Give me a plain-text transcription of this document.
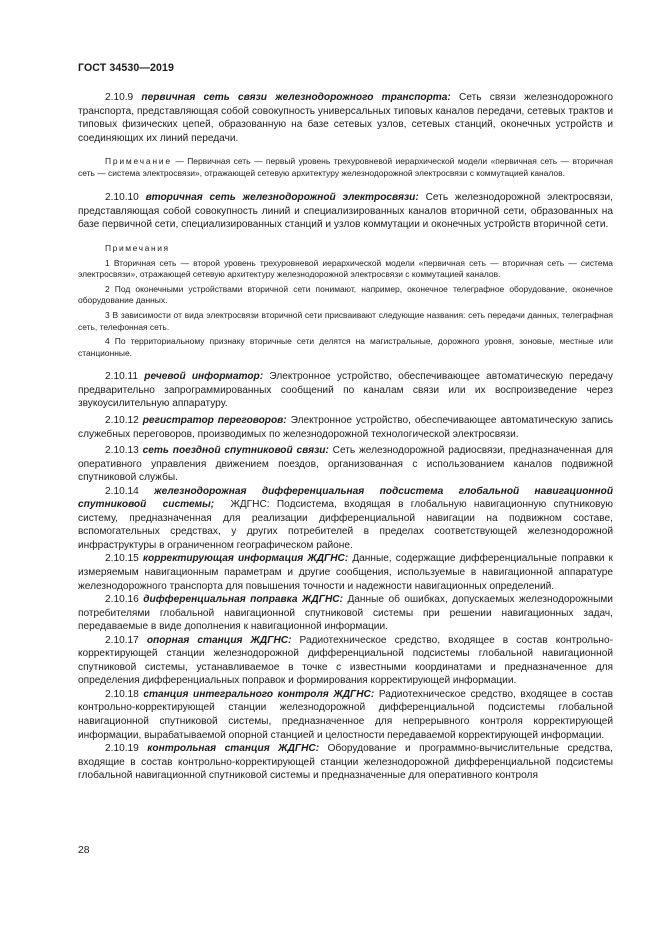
ГОСТ 34530—2019

2.10.9 первичная сеть связи железнодорожного транспорта: Сеть связи железнодорожного транспорта, представляющая собой совокупность универсальных типовых каналов передачи, сетевых трактов и типовых физических цепей, образованную на базе сетевых узлов, сетевых станций, оконечных устройств и соединяющих их линий передачи.

Примечание — Первичная сеть — первый уровень трехуровневой иерархической модели «первичная сеть — вторичная сеть — система электросвязи», отражающей сетевую архитектуру железнодорожной электросвязи с коммутацией каналов.

2.10.10 вторичная сеть железнодорожной электросвязи: Сеть железнодорожной электросвязи, представляющая собой совокупность линий и специализированных каналов вторичной сети, образованных на базе первичной сети, специализированных станций и узлов коммутации и оконечных устройств вторичной сети.

Примечания

1 Вторичная сеть — второй уровень трехуровневой иерархической модели «первичная сеть — вторичная сеть — система электросвязи», отражающей сетевую архитектуру железнодорожной электросвязи с коммутацией каналов.

2 Под оконечными устройствами вторичной сети понимают, например, оконечное телеграфное оборудование, оконечное оборудование данных.

3 В зависимости от вида электросвязи вторичной сети присваивают следующие названия: сеть передачи данных, телеграфная сеть, телефонная сеть.

4 По территориальному признаку вторичные сети делятся на магистральные, дорожного уровня, зоновые, местные или станционные.

2.10.11 речевой информатор: Электронное устройство, обеспечивающее автоматическую передачу предварительно запрограммированных сообщений по каналам связи или их воспроизведение через звукоусилительную аппаратуру.

2.10.12 регистратор переговоров: Электронное устройство, обеспечивающее автоматическую запись служебных переговоров, производимых по железнодорожной технологической электросвязи.

2.10.13 сеть поездной спутниковой связи: Сеть железнодорожной радиосвязи, предназначенная для оперативного управления движением поездов, организованная с использованием каналов подвижной спутниковой службы.

2.10.14 железнодорожная дифференциальная подсистема глобальной навигационной спутниковой системы; ЖДГНС: Подсистема, входящая в глобальную навигационную спутниковую систему, предназначенная для реализации дифференциальной навигации на подвижном составе, вспомогательных средствах, у других потребителей в пределах соответствующей железнодорожной инфраструктуры в ограниченном географическом районе.

2.10.15 корректирующая информация ЖДГНС: Данные, содержащие дифференциальные поправки к измеряемым навигационным параметрам и другие сообщения, используемые в навигационной аппаратуре железнодорожного транспорта для повышения точности и надежности навигационных определений.

2.10.16 дифференциальная поправка ЖДГНС: Данные об ошибках, допускаемых железнодорожными потребителями глобальной навигационной спутниковой системы при решении навигационных задач, передаваемые в виде дополнения к навигационной информации.

2.10.17 опорная станция ЖДГНС: Радиотехническое средство, входящее в состав контрольно-корректирующей станции железнодорожной дифференциальной подсистемы глобальной навигационной спутниковой системы, устанавливаемое в точке с известными координатами и предназначенное для определения дифференциальных поправок и формирования корректирующей информации.

2.10.18 станция интегрального контроля ЖДГНС: Радиотехническое средство, входящее в состав контрольно-корректирующей станции железнодорожной дифференциальной подсистемы глобальной навигационной спутниковой системы, предназначенное для непрерывного контроля корректирующей информации, вырабатываемой опорной станцией и целостности передаваемой корректирующей информации.

2.10.19 контрольная станция ЖДГНС: Оборудование и программно-вычислительные средства, входящие в состав контрольно-корректирующей станции железнодорожной дифференциальной подсистемы глобальной навигационной спутниковой системы и предназначенные для оперативного контроля

28
